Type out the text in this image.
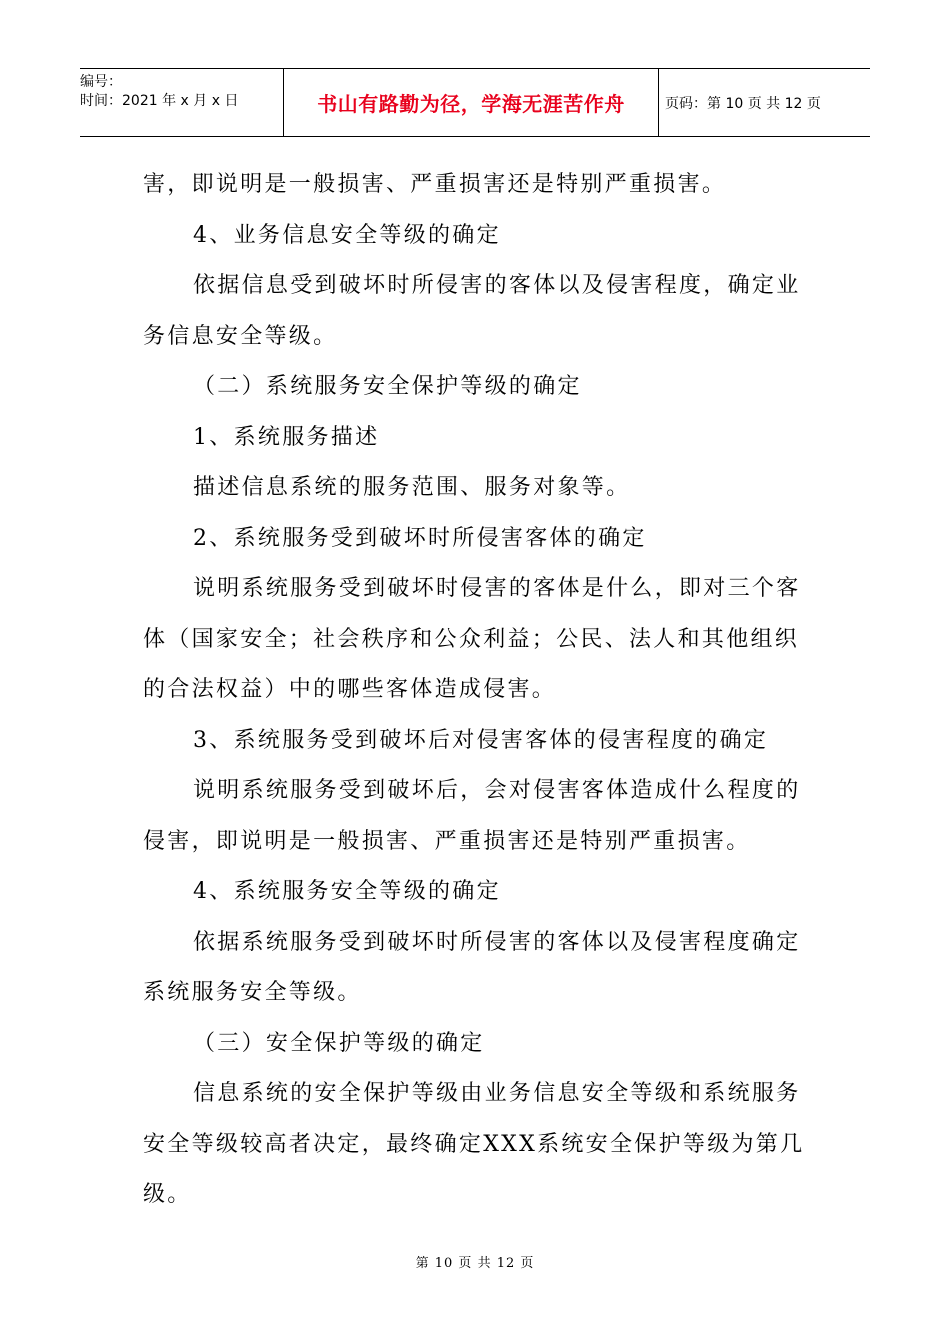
编号：
时间：2021 年 x 月 x 日	书山有路勤为径，学海无涯苦作舟	页码：第 10 页 共 12 页

害，即说明是一般损害、严重损害还是特别严重损害。

4、业务信息安全等级的确定

依据信息受到破坏时所侵害的客体以及侵害程度，确定业务信息安全等级。

（二）系统服务安全保护等级的确定

1、系统服务描述

描述信息系统的服务范围、服务对象等。

2、系统服务受到破坏时所侵害客体的确定

说明系统服务受到破坏时侵害的客体是什么，即对三个客体（国家安全；社会秩序和公众利益；公民、法人和其他组织的合法权益）中的哪些客体造成侵害。

3、系统服务受到破坏后对侵害客体的侵害程度的确定

说明系统服务受到破坏后，会对侵害客体造成什么程度的侵害，即说明是一般损害、严重损害还是特别严重损害。

4、系统服务安全等级的确定

依据系统服务受到破坏时所侵害的客体以及侵害程度确定系统服务安全等级。

（三）安全保护等级的确定

信息系统的安全保护等级由业务信息安全等级和系统服务安全等级较高者决定，最终确定XXX系统安全保护等级为第几级。

第 10 页 共 12 页
